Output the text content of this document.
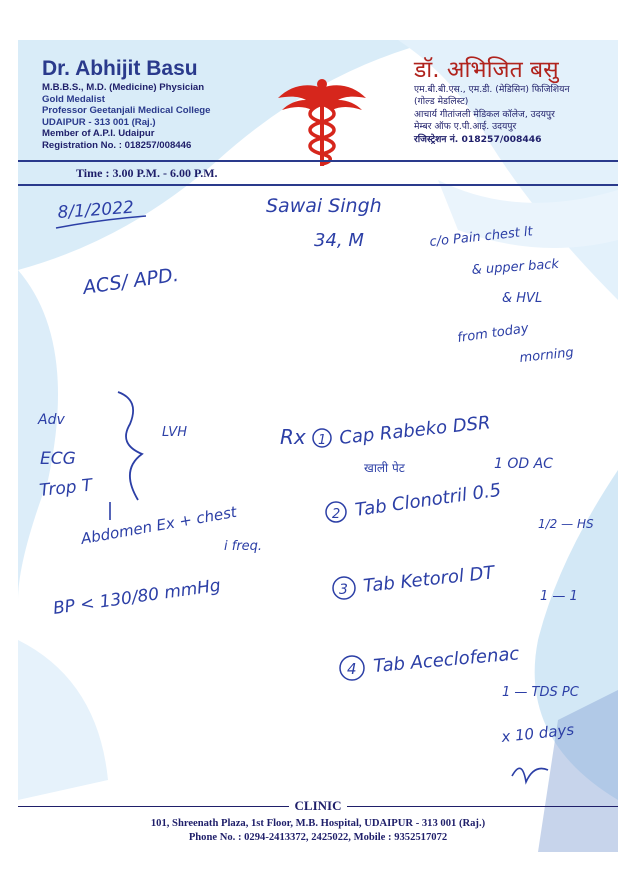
Dr. Abhijit Basu
M.B.B.S., M.D. (Medicine) Physician
Gold Medalist
Professor Geetanjali Medical College
UDAIPUR - 313 001 (Raj.)
Member of A.P.I. Udaipur
Registration No. : 018257/008446
डॉ. अभिजित बसु
एम.बी.बी.एस., एम.डी. (मेडिसिन) फिजिशियन
(गोल्ड मेडलिस्ट)
आचार्य गीतांजली मेडिकल कॉलेज, उदयपुर
मेम्बर ऑफ ए.पी.आई. उदयपुर
रजिस्ट्रेशन नं. 018257/008446
Time : 3.00 P.M. - 6.00 P.M.
8/1/2022	Sawai Singh
34, M	c/o Pain chest lt
& upper back
& HVL
from today
morning
ACS/ APD.
Adv
ECG
Trop T
LVH
Abdomen Ex + chest
i freq.
BP < 130/80 mmHg
Rx 1 Cap Rabeko DSR
खाली पेट	1 OD AC
2 Tab Clonotril 0.5
1/2 — HS
3 Tab Ketorol DT	1 — 1
4 Tab Aceclofenac
1 — TDS PC
x 10 days
CLINIC
101, Shreenath Plaza, 1st Floor, M.B. Hospital, UDAIPUR - 313 001 (Raj.)
Phone No. : 0294-2413372, 2425022, Mobile : 9352517072
